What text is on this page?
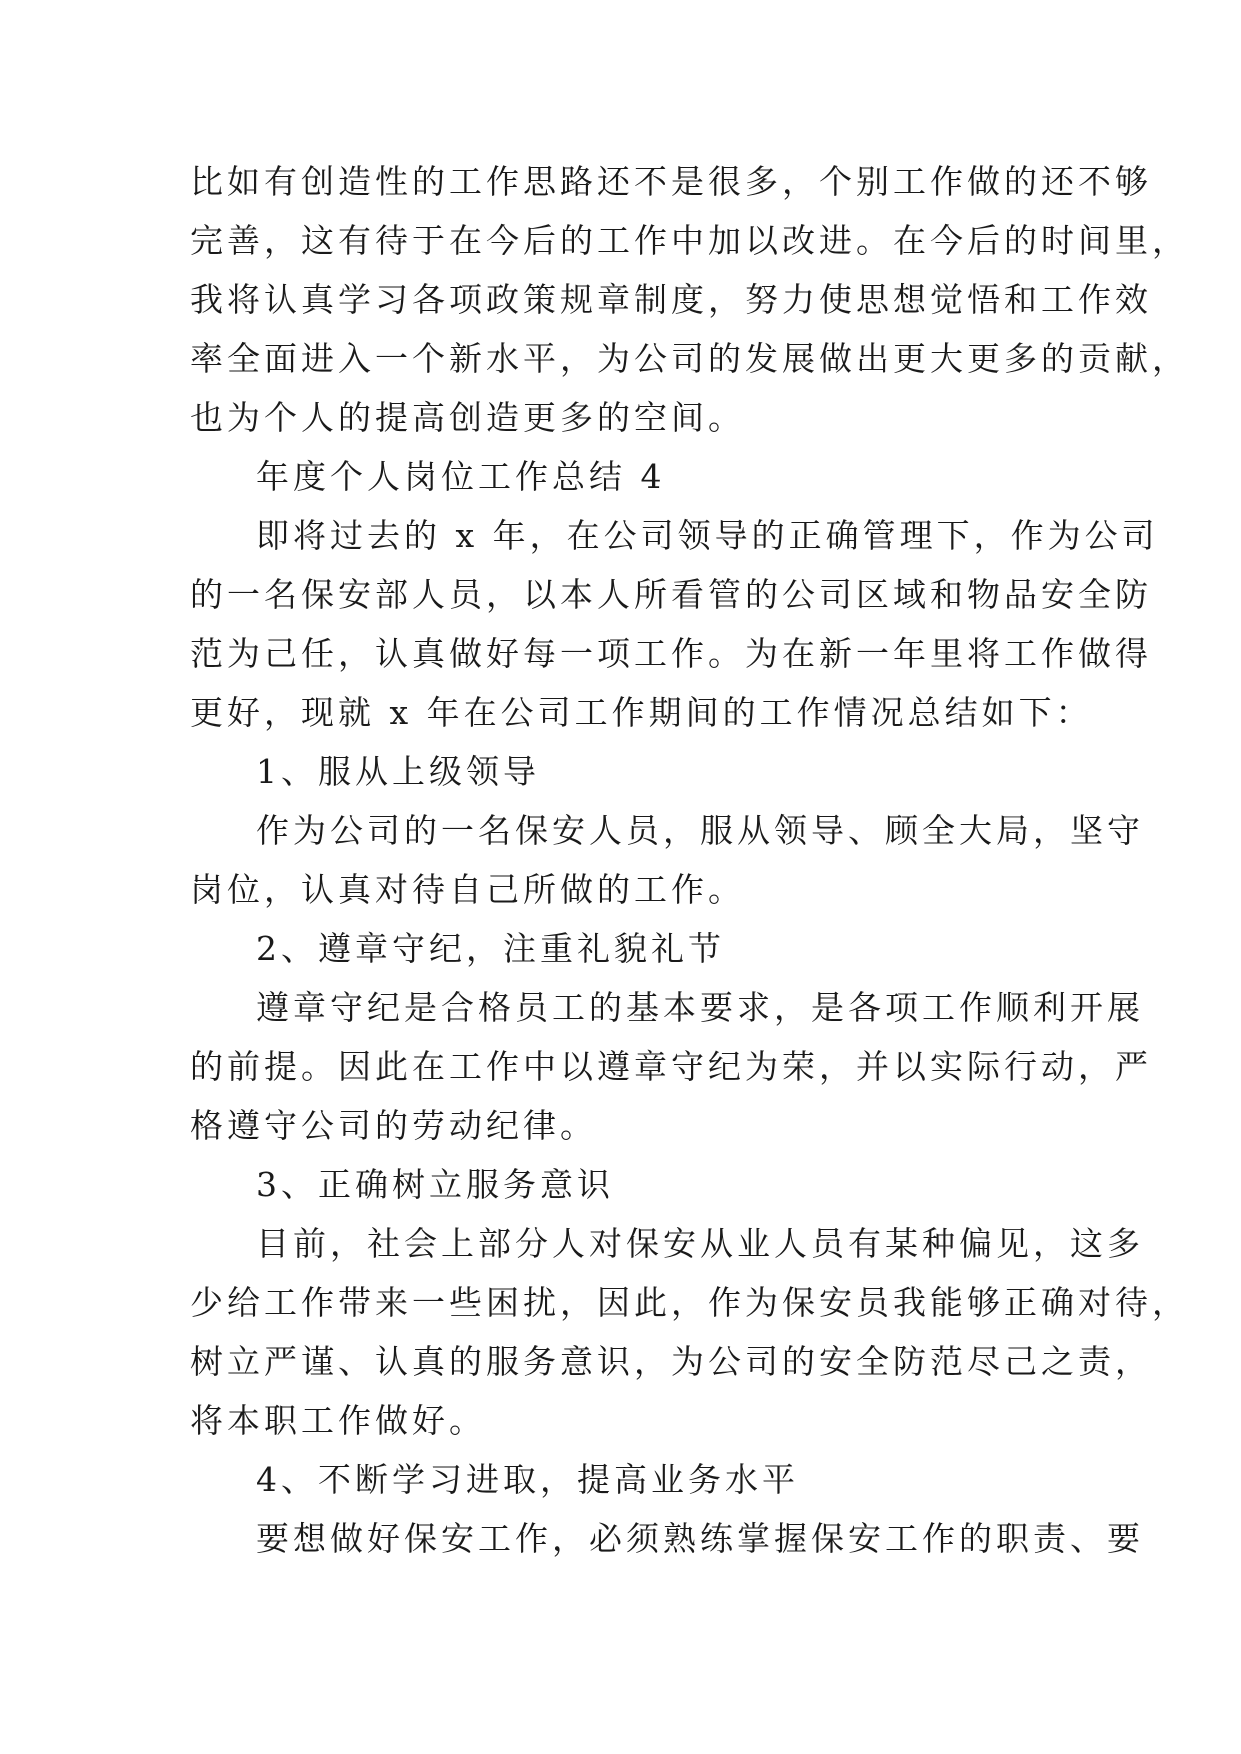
比如有创造性的工作思路还不是很多，个别工作做的还不够
完善，这有待于在今后的工作中加以改进。在今后的时间里，
我将认真学习各项政策规章制度，努力使思想觉悟和工作效
率全面进入一个新水平，为公司的发展做出更大更多的贡献，
也为个人的提高创造更多的空间。
年度个人岗位工作总结 4
即将过去的 x 年，在公司领导的正确管理下，作为公司
的一名保安部人员，以本人所看管的公司区域和物品安全防
范为己任，认真做好每一项工作。为在新一年里将工作做得
更好，现就 x 年在公司工作期间的工作情况总结如下：
1、服从上级领导
作为公司的一名保安人员，服从领导、顾全大局，坚守
岗位，认真对待自己所做的工作。
2、遵章守纪，注重礼貌礼节
遵章守纪是合格员工的基本要求，是各项工作顺利开展
的前提。因此在工作中以遵章守纪为荣，并以实际行动，严
格遵守公司的劳动纪律。
3、正确树立服务意识
目前，社会上部分人对保安从业人员有某种偏见，这多
少给工作带来一些困扰，因此，作为保安员我能够正确对待，
树立严谨、认真的服务意识，为公司的安全防范尽己之责，
将本职工作做好。
4、不断学习进取，提高业务水平
要想做好保安工作，必须熟练掌握保安工作的职责、要
